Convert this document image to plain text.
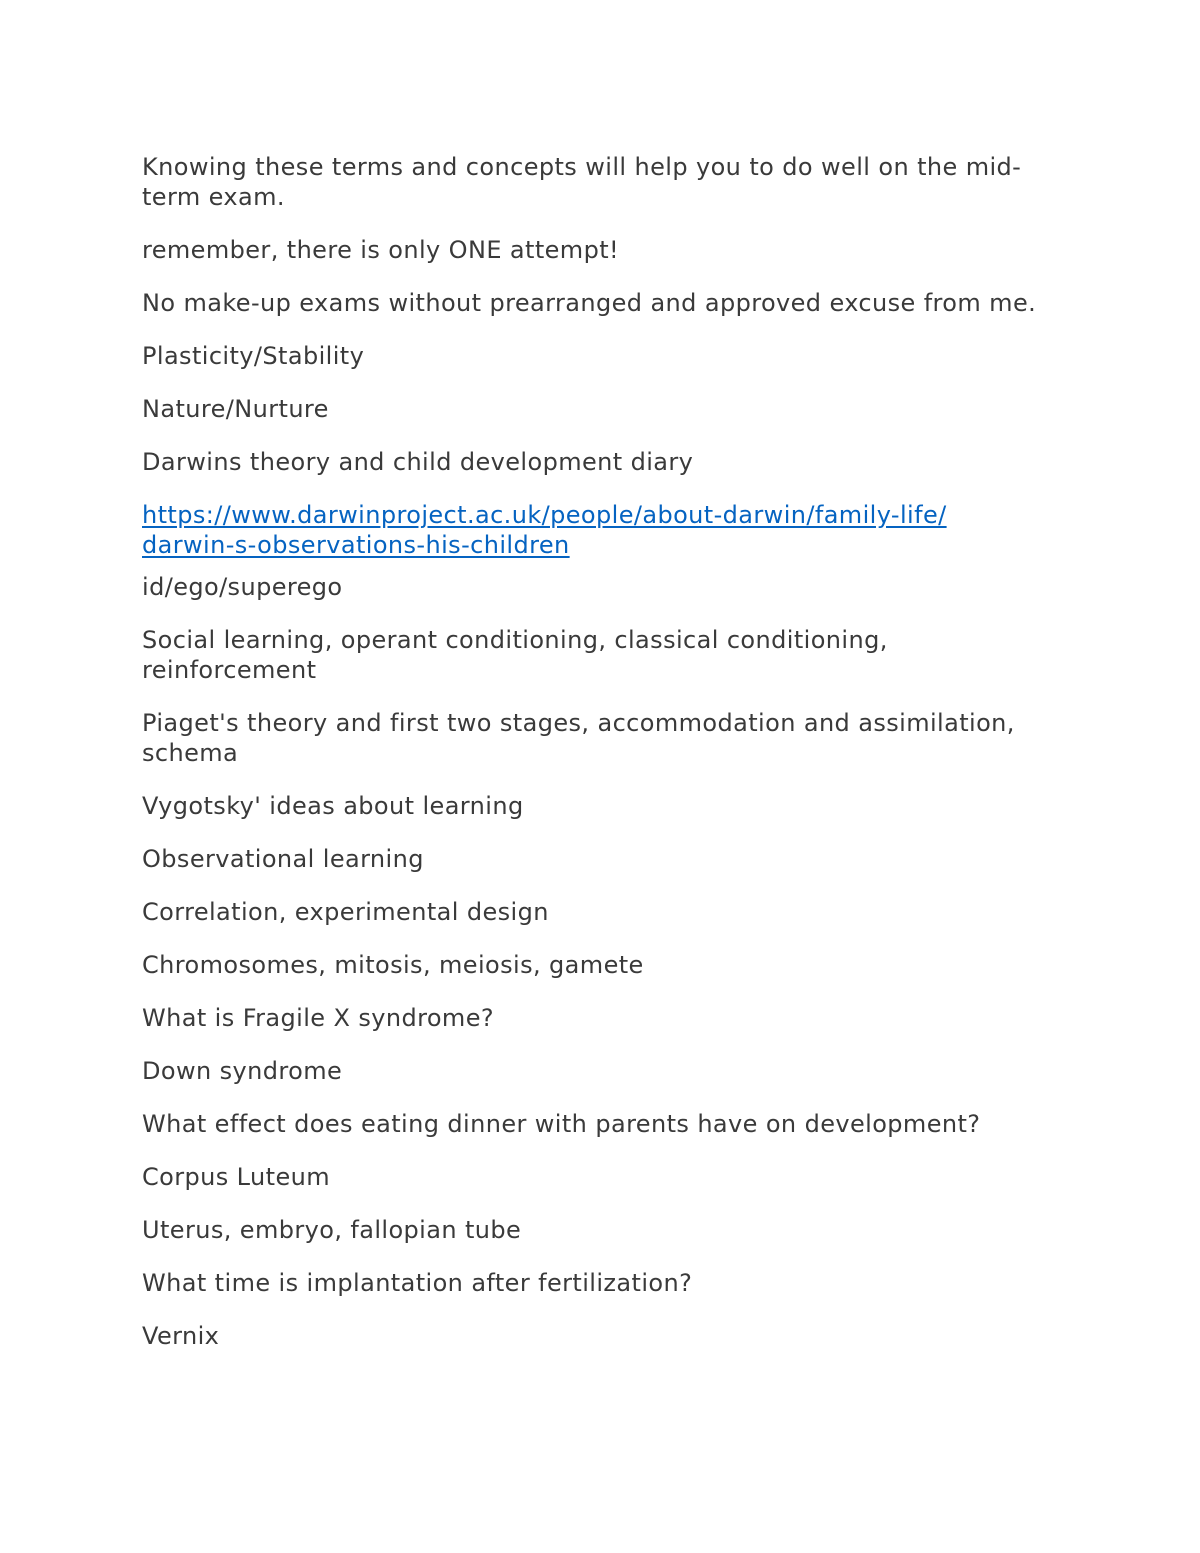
Knowing these terms and concepts will help you to do well on the mid-term exam.

remember, there is only ONE attempt!

No make-up exams without prearranged and approved excuse from me.

Plasticity/Stability

Nature/Nurture

Darwins theory and child development diary

https://www.darwinproject.ac.uk/people/about-darwin/family-life/
darwin-s-observations-his-children

id/ego/superego

Social learning, operant conditioning, classical conditioning, reinforcement

Piaget's theory and first two stages, accommodation and assimilation, schema

Vygotsky' ideas about learning

Observational learning

Correlation, experimental design

Chromosomes, mitosis, meiosis, gamete

What is Fragile X syndrome?

Down syndrome

What effect does eating dinner with parents have on development?

Corpus Luteum

Uterus, embryo, fallopian tube

What time is implantation after fertilization?

Vernix
